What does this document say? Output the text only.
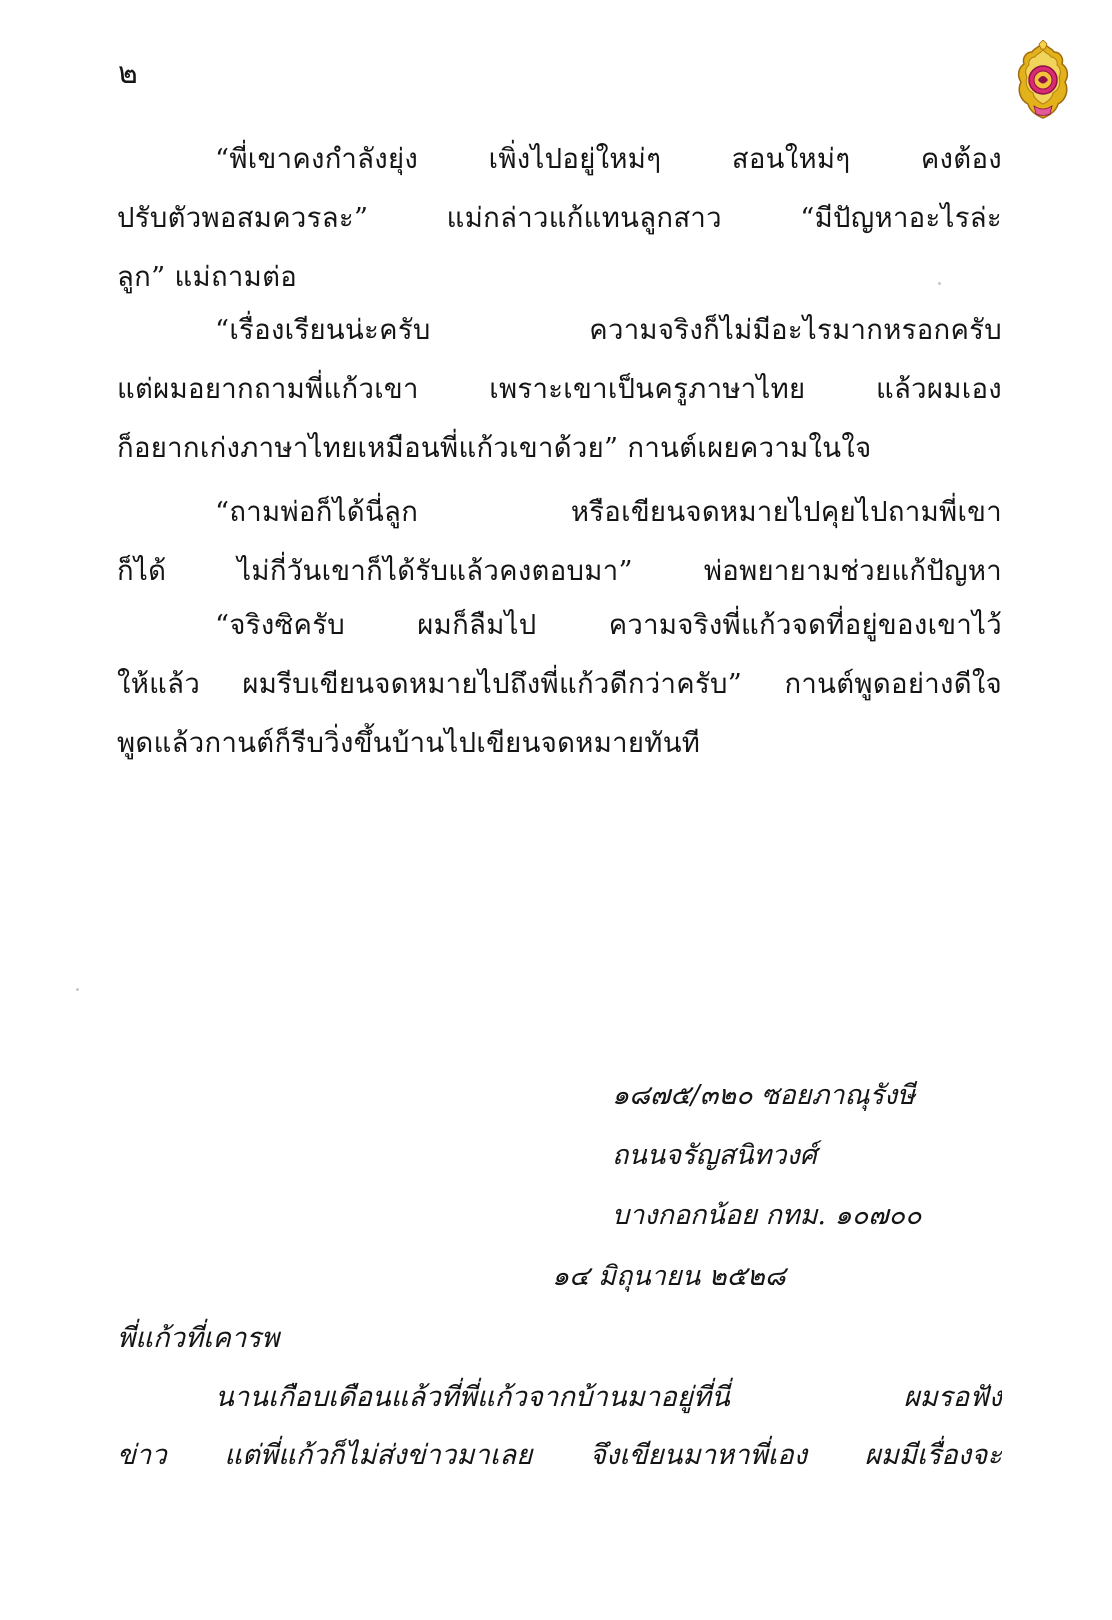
๒
“พี่เขาคงกำลังยุ่ง เพิ่งไปอยู่ใหม่ๆ สอนใหม่ๆ คงต้อง
ปรับตัวพอสมควรละ” แม่กล่าวแก้แทนลูกสาว “มีปัญหาอะไรล่ะ
ลูก” แม่ถามต่อ
“เรื่องเรียนน่ะครับ ความจริงก็ไม่มีอะไรมากหรอกครับ
แต่ผมอยากถามพี่แก้วเขา เพราะเขาเป็นครูภาษาไทย แล้วผมเอง
ก็อยากเก่งภาษาไทยเหมือนพี่แก้วเขาด้วย” กานต์เผยความในใจ
“ถามพ่อก็ได้นี่ลูก หรือเขียนจดหมายไปคุยไปถามพี่เขา
ก็ได้ ไม่กี่วันเขาก็ได้รับแล้วคงตอบมา” พ่อพยายามช่วยแก้ปัญหา
“จริงซิครับ ผมก็ลืมไป ความจริงพี่แก้วจดที่อยู่ของเขาไว้
ให้แล้ว ผมรีบเขียนจดหมายไปถึงพี่แก้วดีกว่าครับ” กานต์พูดอย่างดีใจ
พูดแล้วกานต์ก็รีบวิ่งขึ้นบ้านไปเขียนจดหมายทันที
๑๘๗๕/๓๒๐ ซอยภาณุรังษี
ถนนจรัญสนิทวงศ์
บางกอกน้อย กทม. ๑๐๗๐๐
๑๔ มิถุนายน ๒๕๒๘
พี่แก้วที่เคารพ
นานเกือบเดือนแล้วที่พี่แก้วจากบ้านมาอยู่ที่นี่ ผมรอฟัง
ข่าว แต่พี่แก้วก็ไม่ส่งข่าวมาเลย จึงเขียนมาหาพี่เอง ผมมีเรื่องจะ
